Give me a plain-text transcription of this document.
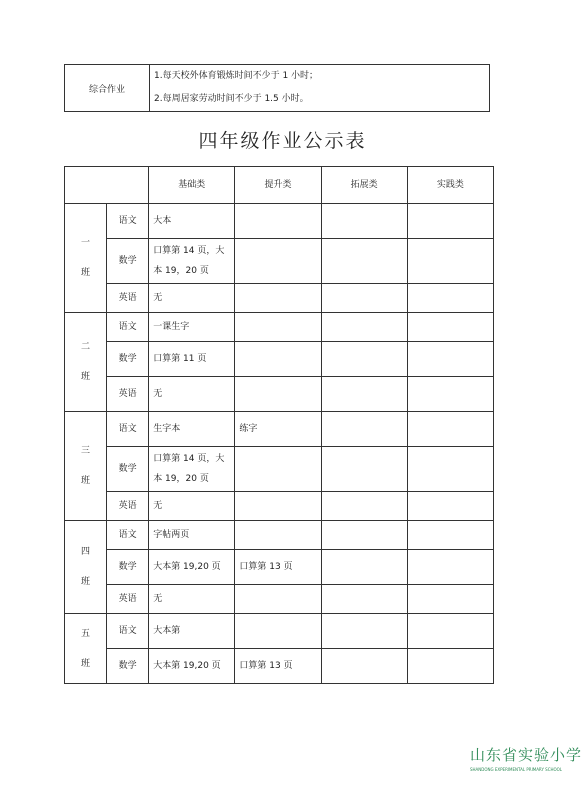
综合作业	
1.每天校外体育锻炼时间不少于 1 小时；
2.每周居家劳动时间不少于 1.5 小时。
四年级作业公示表
		基础类	提升类	拓展类	实践类
一
班	语文	大本			
	数学	口算第 14 页，大本 19，20 页			
	英语	无			
二
班	语文	一课生字			
	数学	口算第 11 页			
	英语	无			
三
班	语文	生字本	练字		
	数学	口算第 14 页，大本 19，20 页			
	英语	无			
四
班	语文	字帖两页			
	数学	大本第 19,20 页	口算第 13 页		
	英语	无			
五
班	语文	大本第			
	数学	大本第 19,20 页	口算第 13 页		
山东省实验小学
SHANDONG EXPERIMENTAL PRIMARY SCHOOL
